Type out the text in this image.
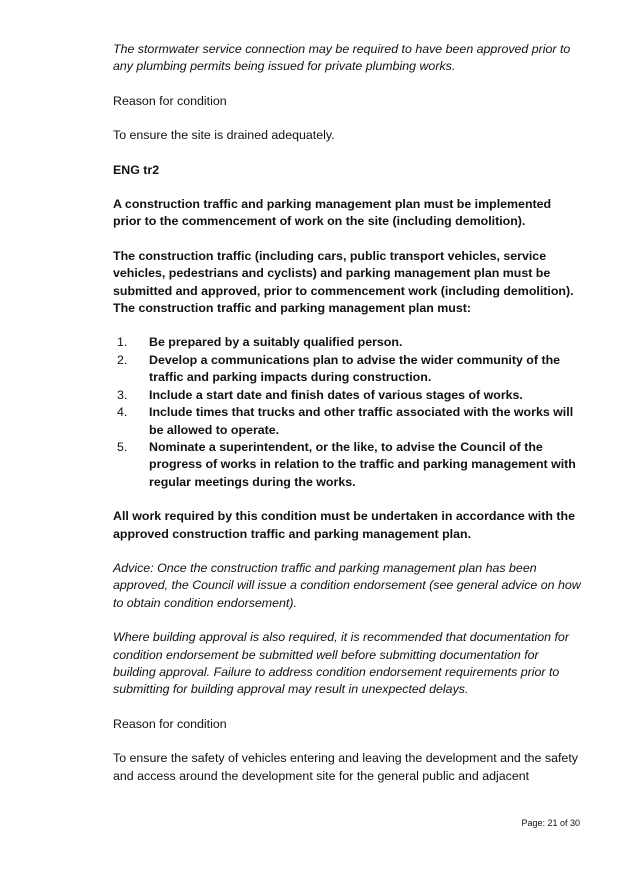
The stormwater service connection may be required to have been approved prior to any plumbing permits being issued for private plumbing works.

Reason for condition

To ensure the site is drained adequately.

ENG tr2

A construction traffic and parking management plan must be implemented prior to the commencement of work on the site (including demolition).

The construction traffic (including cars, public transport vehicles, service vehicles, pedestrians and cyclists) and parking management plan must be submitted and approved, prior to commencement work (including demolition). The construction traffic and parking management plan must:

1.	Be prepared by a suitably qualified person.
2.	Develop a communications plan to advise the wider community of the traffic and parking impacts during construction.
3.	Include a start date and finish dates of various stages of works.
4.	Include times that trucks and other traffic associated with the works will be allowed to operate.
5.	Nominate a superintendent, or the like, to advise the Council of the progress of works in relation to the traffic and parking management with regular meetings during the works.

All work required by this condition must be undertaken in accordance with the approved construction traffic and parking management plan.

Advice: Once the construction traffic and parking management plan has been approved, the Council will issue a condition endorsement (see general advice on how to obtain condition endorsement).

Where building approval is also required, it is recommended that documentation for condition endorsement be submitted well before submitting documentation for building approval. Failure to address condition endorsement requirements prior to submitting for building approval may result in unexpected delays.

Reason for condition

To ensure the safety of vehicles entering and leaving the development and the safety and access around the development site for the general public and adjacent

Page: 21 of 30
